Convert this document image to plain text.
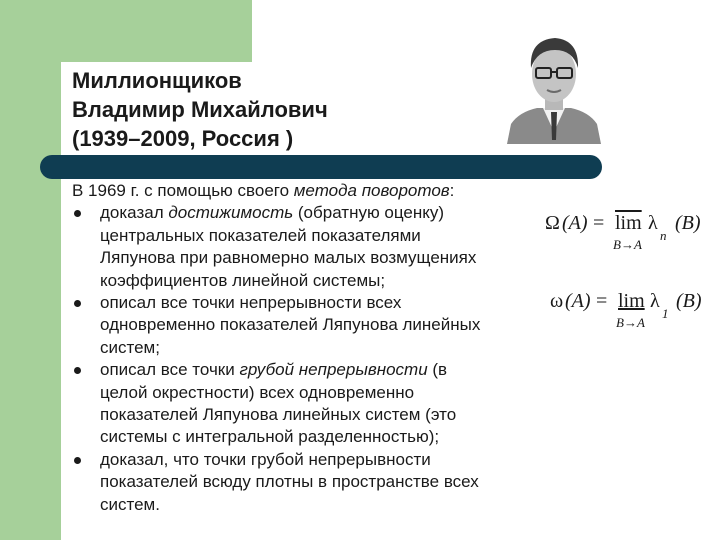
Миллионщиков
Владимир Михайлович
(1939–2009, Россия )
В 1969 г. с помощью своего метода поворотов:
доказал достижимость (обратную оценку)
центральных показателей показателями
Ляпунова при равномерно малых возмущениях
коэффициентов линейной системы;
описал все точки непрерывности всех
одновременно показателей Ляпунова линейных
систем;
описал все точки грубой непрерывности (в
целой окрестности) всех одновременно
показателей Ляпунова линейных систем (это
системы с интегральной разделенностью);
доказал, что точки грубой непрерывности
показателей всюду плотны в пространстве всех
систем.
Ω $(A) = \overline{lim}$ λ
n
(B)
B→A
ω (A) = lim λ
1
(B)
B→A
